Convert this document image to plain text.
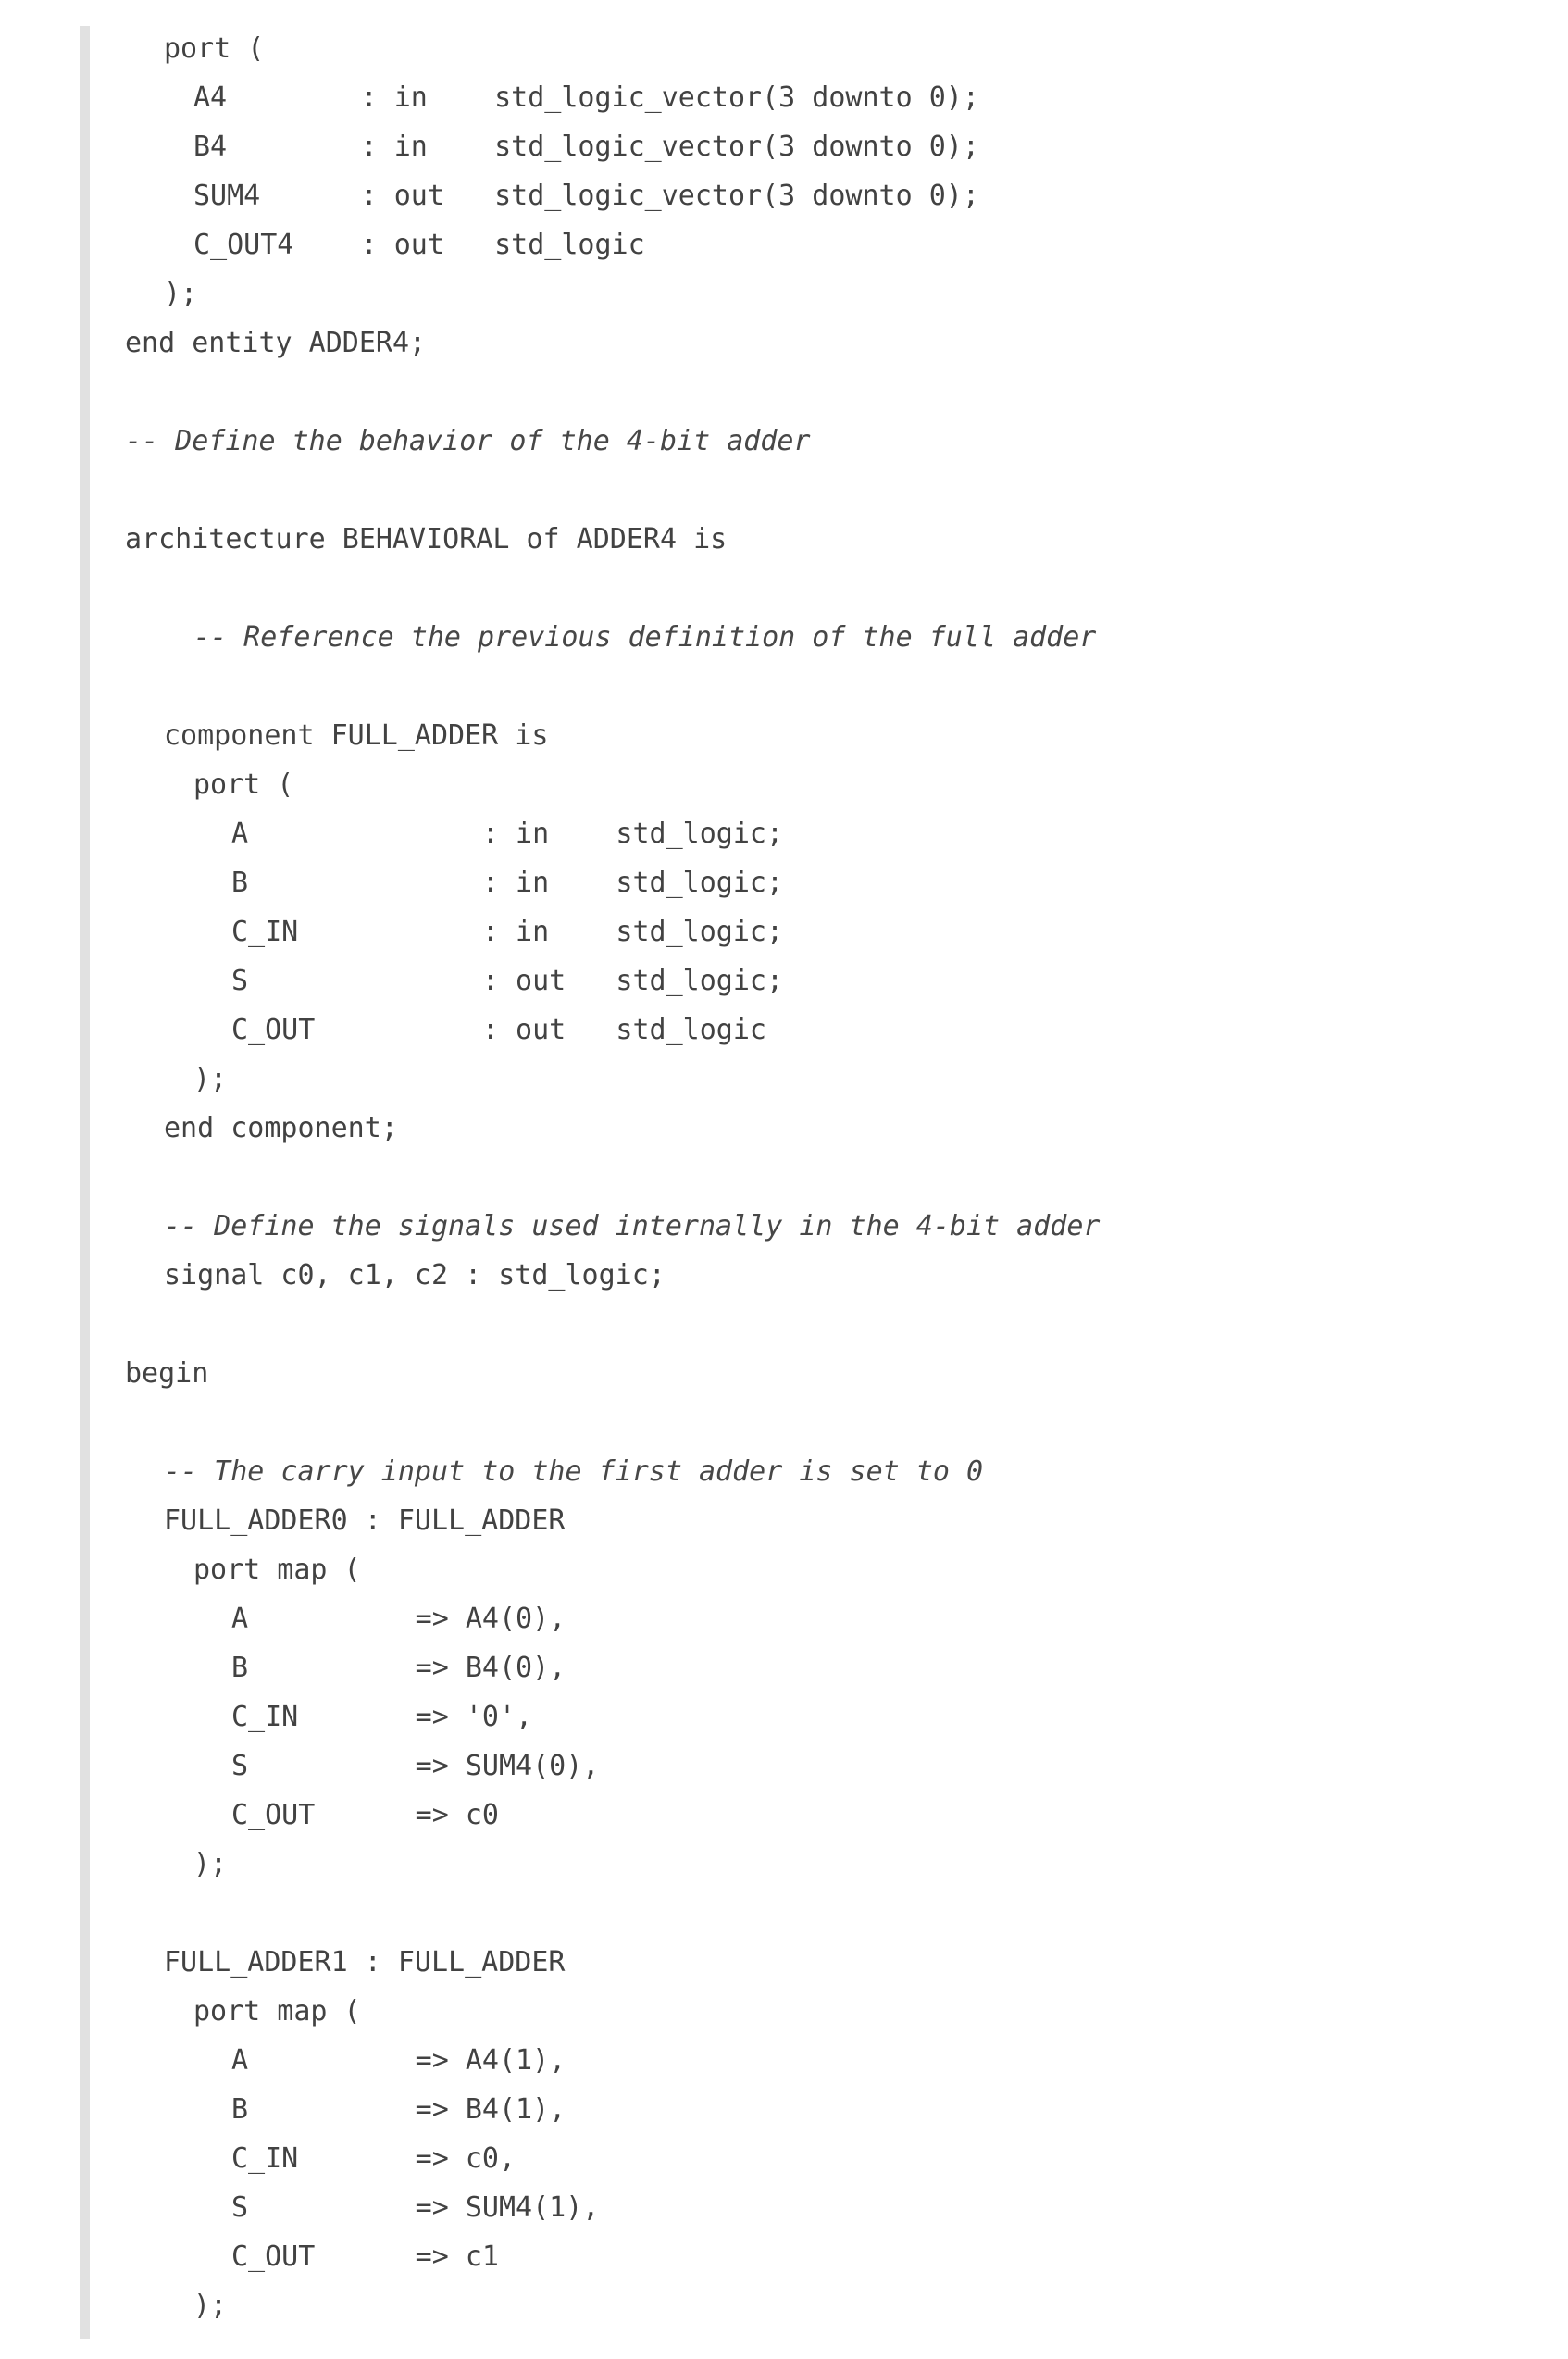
port (
A4        : in    std_logic_vector(3 downto 0);
B4        : in    std_logic_vector(3 downto 0);
SUM4      : out   std_logic_vector(3 downto 0);
C_OUT4    : out   std_logic
);
end entity ADDER4;
-- Define the behavior of the 4-bit adder
architecture BEHAVIORAL of ADDER4 is
-- Reference the previous definition of the full adder
component FULL_ADDER is
port (
A              : in    std_logic;
B              : in    std_logic;
C_IN           : in    std_logic;
S              : out   std_logic;
C_OUT          : out   std_logic
);
end component;
-- Define the signals used internally in the 4-bit adder
signal c0, c1, c2 : std_logic;
begin
-- The carry input to the first adder is set to 0
FULL_ADDER0 : FULL_ADDER
port map (
A          => A4(0),
B          => B4(0),
C_IN       => '0',
S          => SUM4(0),
C_OUT      => c0
);
FULL_ADDER1 : FULL_ADDER
port map (
A          => A4(1),
B          => B4(1),
C_IN       => c0,
S          => SUM4(1),
C_OUT      => c1
);
